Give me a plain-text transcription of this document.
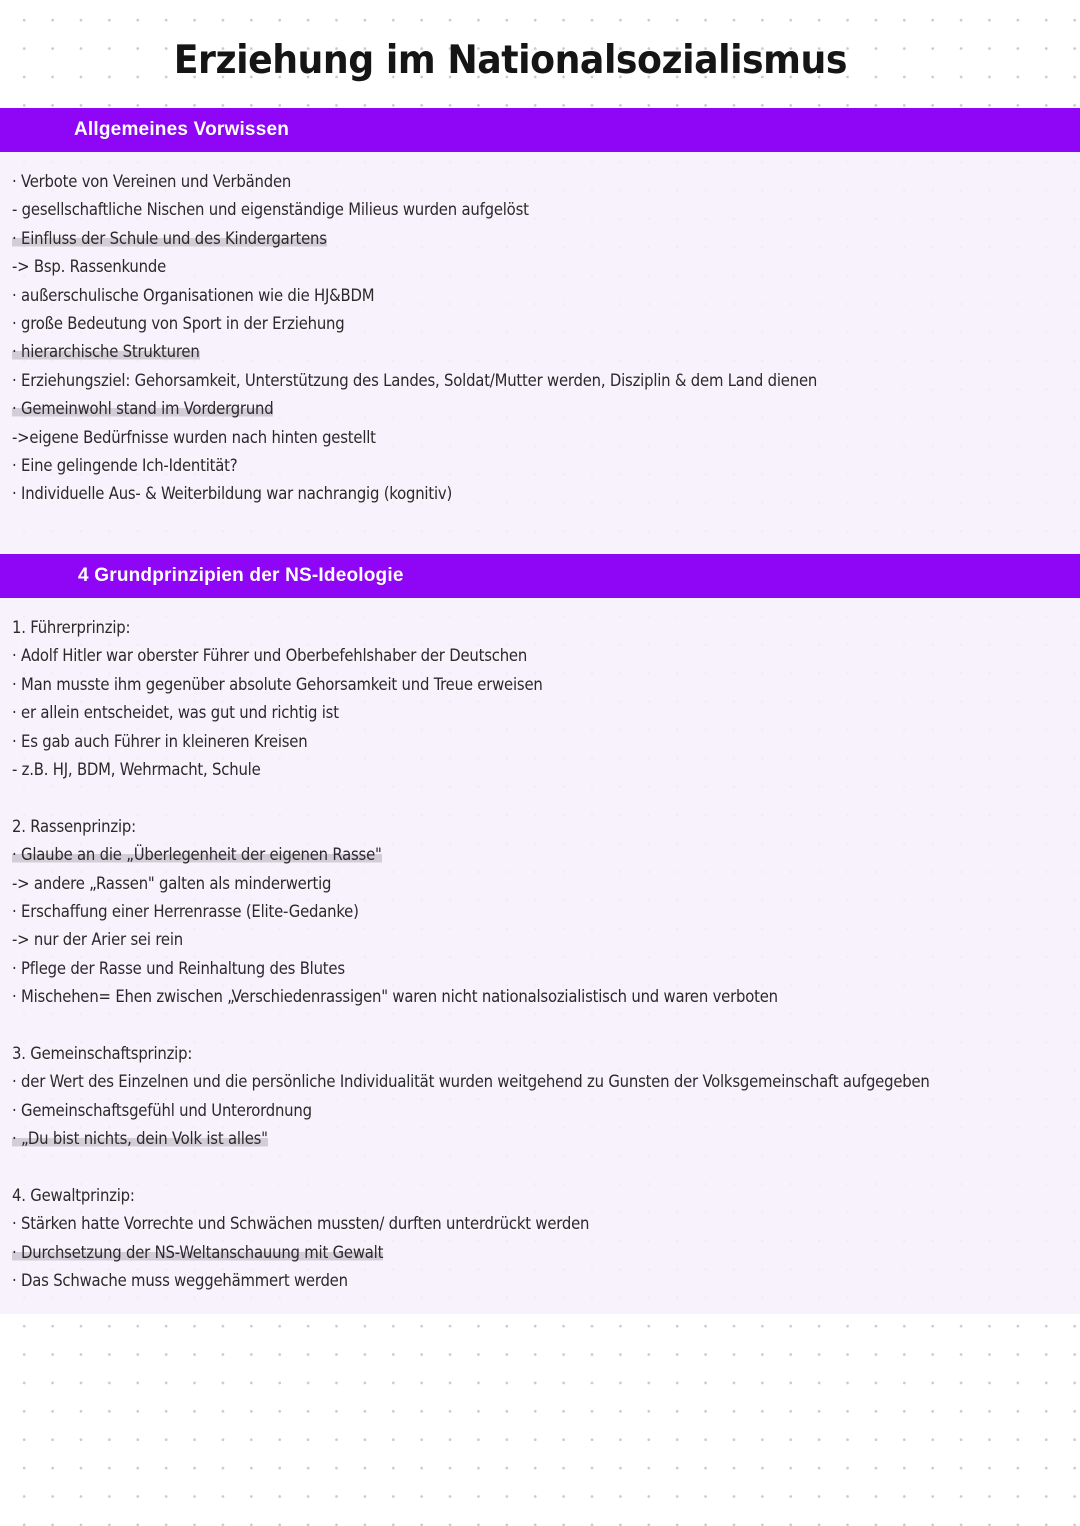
Erziehung im Nationalsozialismus
Allgemeines Vorwissen
· Verbote von Vereinen und Verbänden
- gesellschaftliche Nischen und eigenständige Milieus wurden aufgelöst
· Einfluss der Schule und des Kindergartens
-> Bsp. Rassenkunde
· außerschulische Organisationen wie die HJ&BDM
· große Bedeutung von Sport in der Erziehung
· hierarchische Strukturen
· Erziehungsziel: Gehorsamkeit, Unterstützung des Landes, Soldat/Mutter werden, Disziplin & dem Land dienen
· Gemeinwohl stand im Vordergrund
->eigene Bedürfnisse wurden nach hinten gestellt
· Eine gelingende Ich-Identität?
· Individuelle Aus- & Weiterbildung war nachrangig (kognitiv)
4 Grundprinzipien der NS-Ideologie
1. Führerprinzip:
· Adolf Hitler war oberster Führer und Oberbefehlshaber der Deutschen
· Man musste ihm gegenüber absolute Gehorsamkeit und Treue erweisen
· er allein entscheidet, was gut und richtig ist
· Es gab auch Führer in kleineren Kreisen
- z.B. HJ, BDM, Wehrmacht, Schule
2. Rassenprinzip:
· Glaube an die „Überlegenheit der eigenen Rasse"
-> andere „Rassen" galten als minderwertig
· Erschaffung einer Herrenrasse (Elite-Gedanke)
-> nur der Arier sei rein
· Pflege der Rasse und Reinhaltung des Blutes
· Mischehen= Ehen zwischen „Verschiedenrassigen" waren nicht nationalsozialistisch und waren verboten
3. Gemeinschaftsprinzip:
· der Wert des Einzelnen und die persönliche Individualität wurden weitgehend zu Gunsten der Volksgemeinschaft aufgegeben
· Gemeinschaftsgefühl und Unterordnung
· „Du bist nichts, dein Volk ist alles"
4. Gewaltprinzip:
· Stärken hatte Vorrechte und Schwächen mussten/ durften unterdrückt werden
· Durchsetzung der NS-Weltanschauung mit Gewalt
· Das Schwache muss weggehämmert werden
